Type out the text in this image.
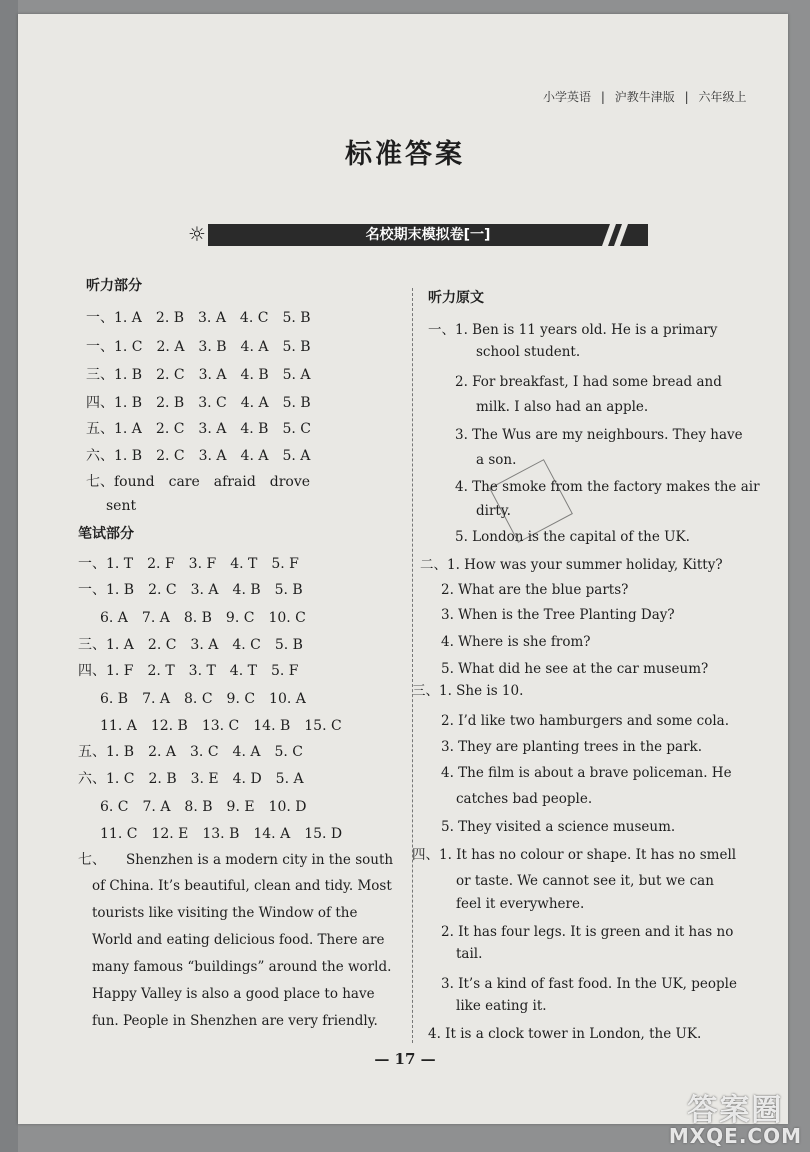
小学英语 | 沪教牛津版 | 六年级上
标准答案
☼	名校期末模拟卷[一]
听力部分
一、1. A　2. B　3. A　4. C　5. B
一、1. C　2. A　3. B　4. A　5. B
三、1. B　2. C　3. A　4. B　5. A
四、1. B　2. B　3. C　4. A　5. B
五、1. A　2. C　3. A　4. B　5. C
六、1. B　2. C　3. A　4. A　5. A
七、found　care　afraid　drove
sent
笔试部分
一、1. T　2. F　3. F　4. T　5. F
一、1. B　2. C　3. A　4. B　5. B
6. A　7. A　8. B　9. C　10. C
三、1. A　2. C　3. A　4. C　5. B
四、1. F　2. T　3. T　4. T　5. F
6. B　7. A　8. C　9. C　10. A
11. A　12. B　13. C　14. B　15. C
五、1. B　2. A　3. C　4. A　5. C
六、1. C　2. B　3. E　4. D　5. A
6. C　7. A　8. B　9. E　10. D
11. C　12. E　13. B　14. A　15. D
七、 Shenzhen is a modern city in the south
of China. It’s beautiful, clean and tidy. Most
tourists like visiting the Window of the
World and eating delicious food. There are
many famous “buildings” around the world.
Happy Valley is also a good place to have
fun. People in Shenzhen are very friendly.
听力原文
一、1. Ben is 11 years old. He is a primary
school student.
2. For breakfast, I had some bread and
milk. I also had an apple.
3. The Wus are my neighbours. They have
a son.
4. The smoke from the factory makes the air
dirty.
5. London is the capital of the UK.
二、1. How was your summer holiday, Kitty?
2. What are the blue parts?
3. When is the Tree Planting Day?
4. Where is she from?
5. What did he see at the car museum?
三、1. She is 10.
2. I’d like two hamburgers and some cola.
3. They are planting trees in the park.
4. The film is about a brave policeman. He
catches bad people.
5. They visited a science museum.
四、1. It has no colour or shape. It has no smell
or taste. We cannot see it, but we can
feel it everywhere.
2. It has four legs. It is green and it has no
tail.
3. It’s a kind of fast food. In the UK, people
like eating it.
4. It is a clock tower in London, the UK.
— 17 —
答案圈
MXQE.COM
